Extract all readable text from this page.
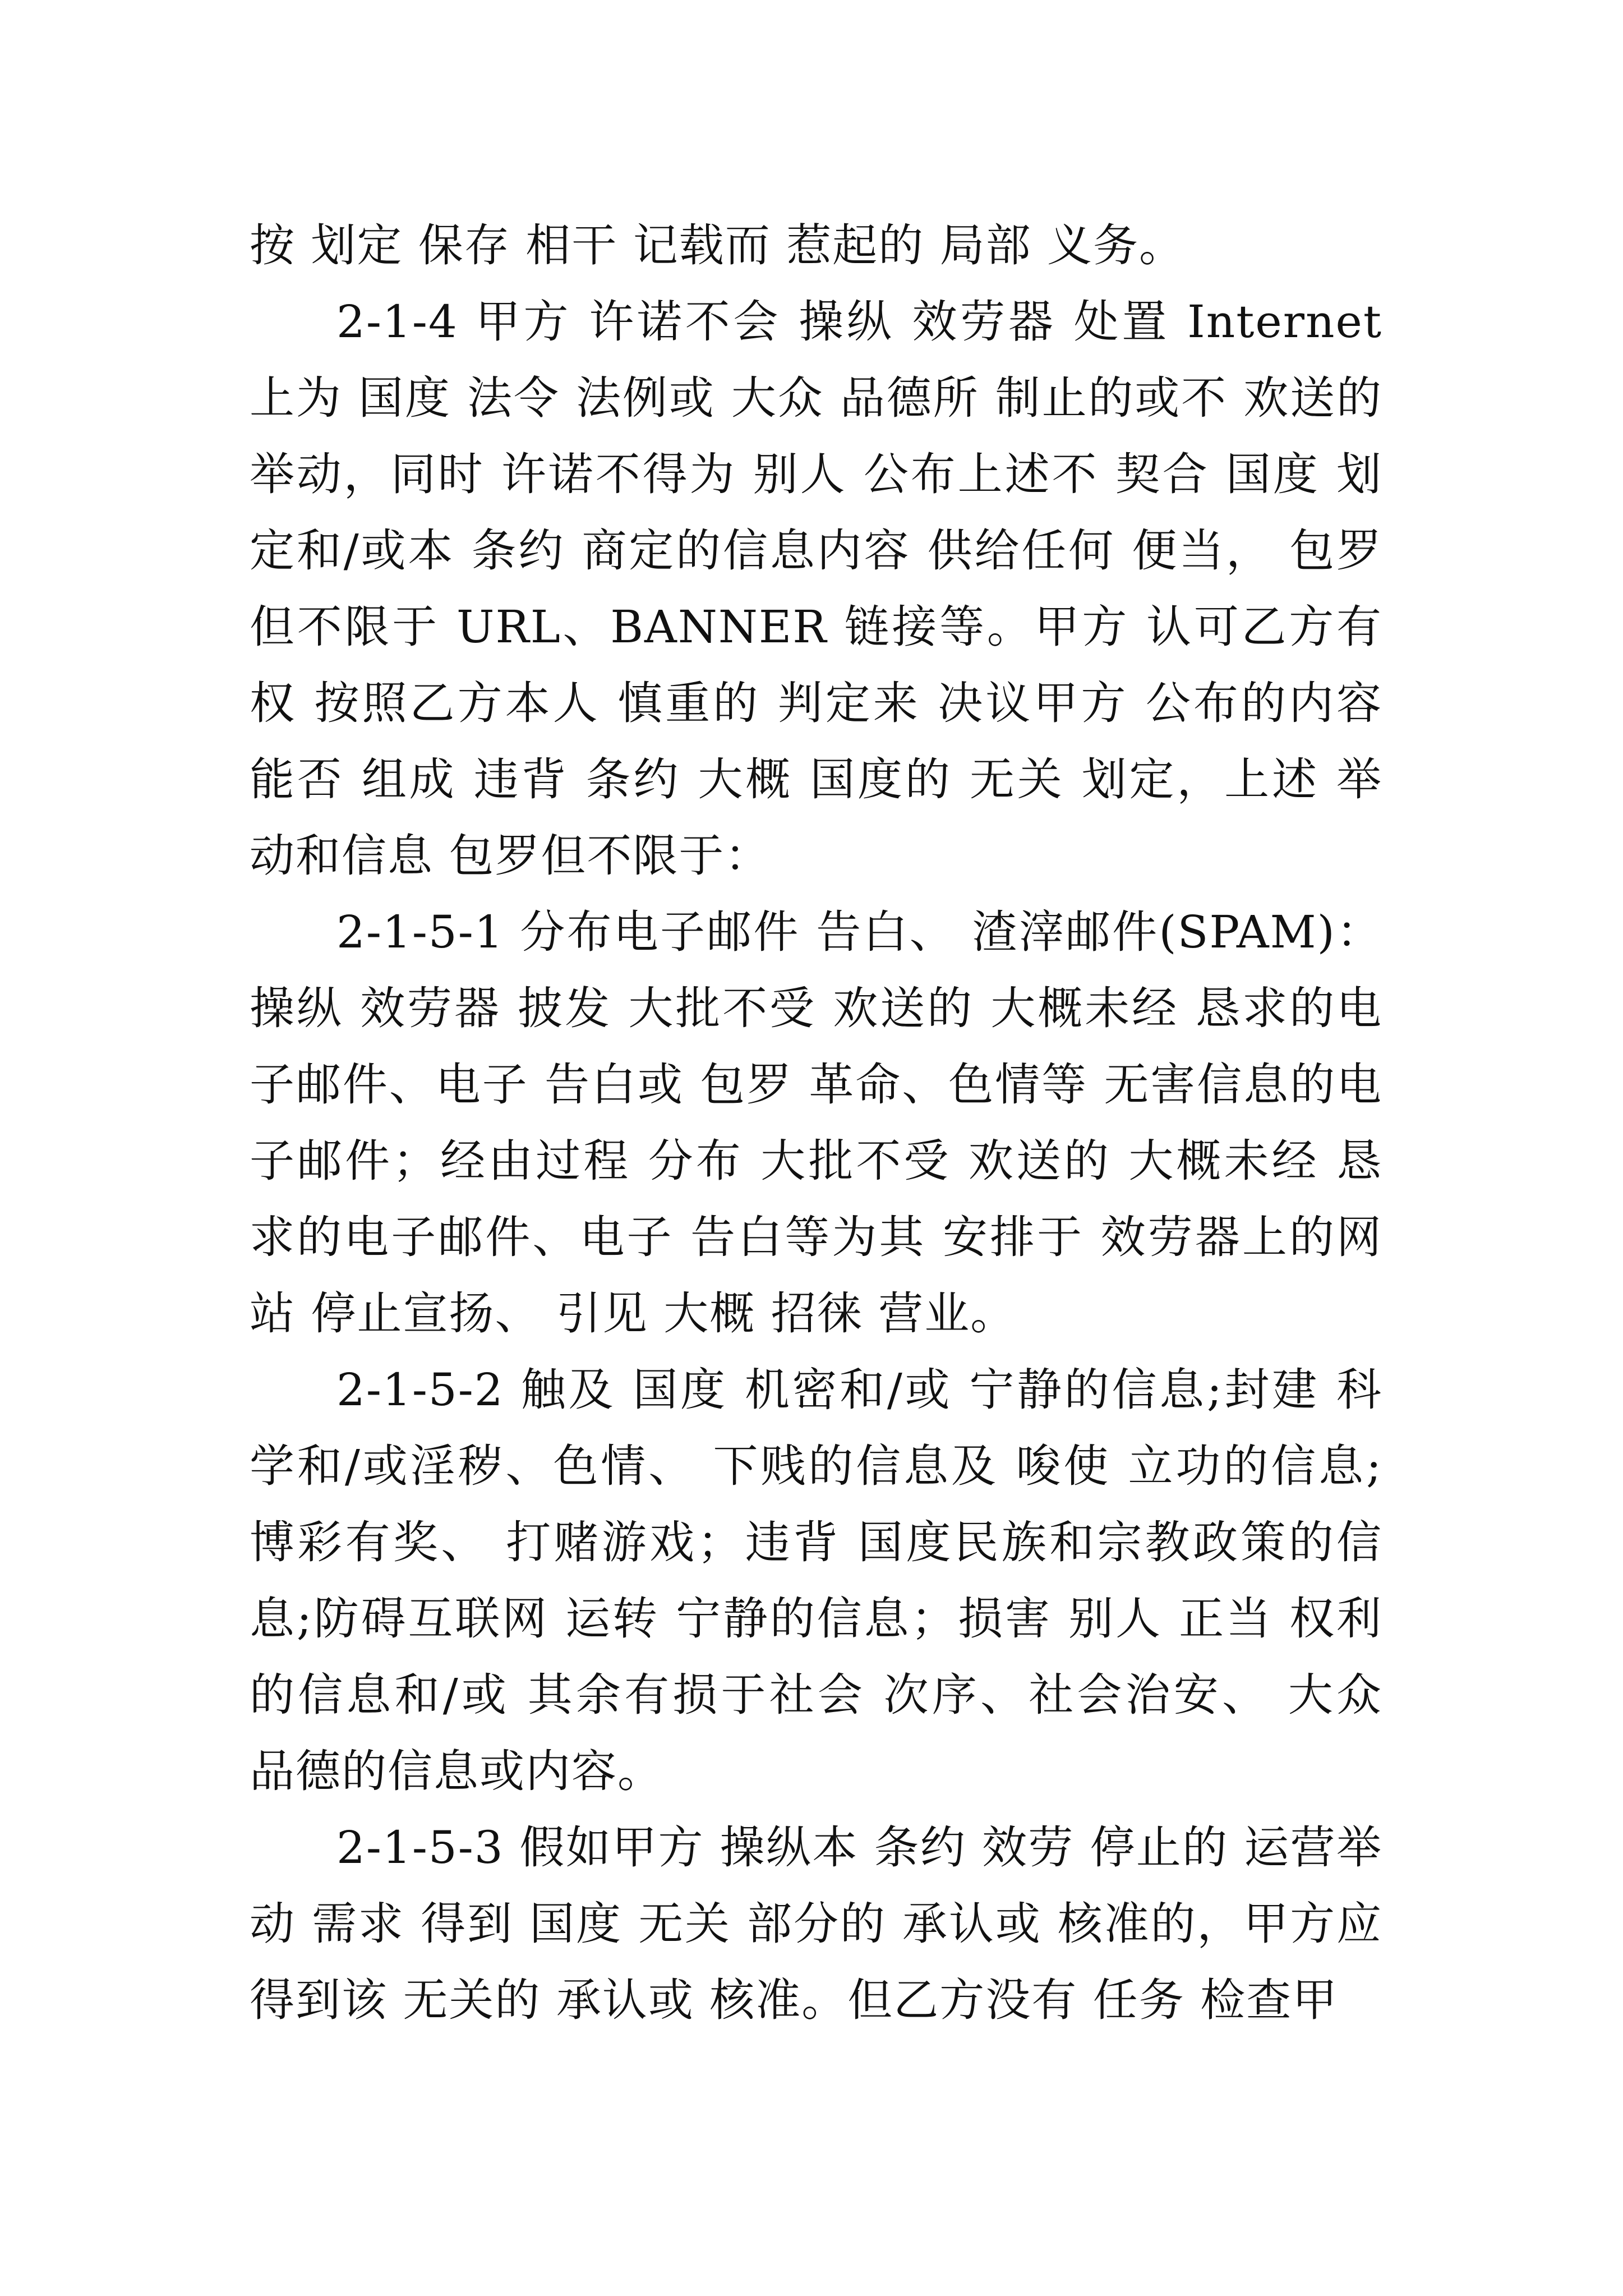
按 划定 保存 相干 记载而 惹起的 局部 义务。

2-1-4 甲方 许诺不会 操纵 效劳器 处置 Internet 上为 国度 法令 法例或 大众 品德所 制止的或不 欢送的举动，同时 许诺不得为 别人 公布上述不 契合 国度 划定和/或本 条约 商定的信息内容 供给任何 便当， 包罗但不限于 URL、BANNER 链接等。甲方 认可乙方有权 按照乙方本人 慎重的 判定来 决议甲方 公布的内容 能否 组成 违背 条约 大概 国度的 无关 划定，上述 举动和信息 包罗但不限于：

2-1-5-1 分布电子邮件 告白、 渣滓邮件(SPAM)： 操纵 效劳器 披发 大批不受 欢送的 大概未经 恳求的电子邮件、电子 告白或 包罗 革命、色情等 无害信息的电子邮件；经由过程 分布 大批不受 欢送的 大概未经 恳求的电子邮件、电子 告白等为其 安排于 效劳器上的网站 停止宣扬、 引见 大概 招徕 营业。

2-1-5-2 触及 国度 机密和/或 宁静的信息;封建 科学和/或淫秽、色情、 下贱的信息及 唆使 立功的信息;博彩有奖、 打赌游戏；违背 国度民族和宗教政策的信息;防碍互联网 运转 宁静的信息；损害 别人 正当 权利的信息和/或 其余有损于社会 次序、社会治安、 大众 品德的信息或内容。

2-1-5-3 假如甲方 操纵本 条约 效劳 停止的 运营举动 需求 得到 国度 无关 部分的 承认或 核准的，甲方应 得到该 无关的 承认或 核准。但乙方没有 任务 检查甲
